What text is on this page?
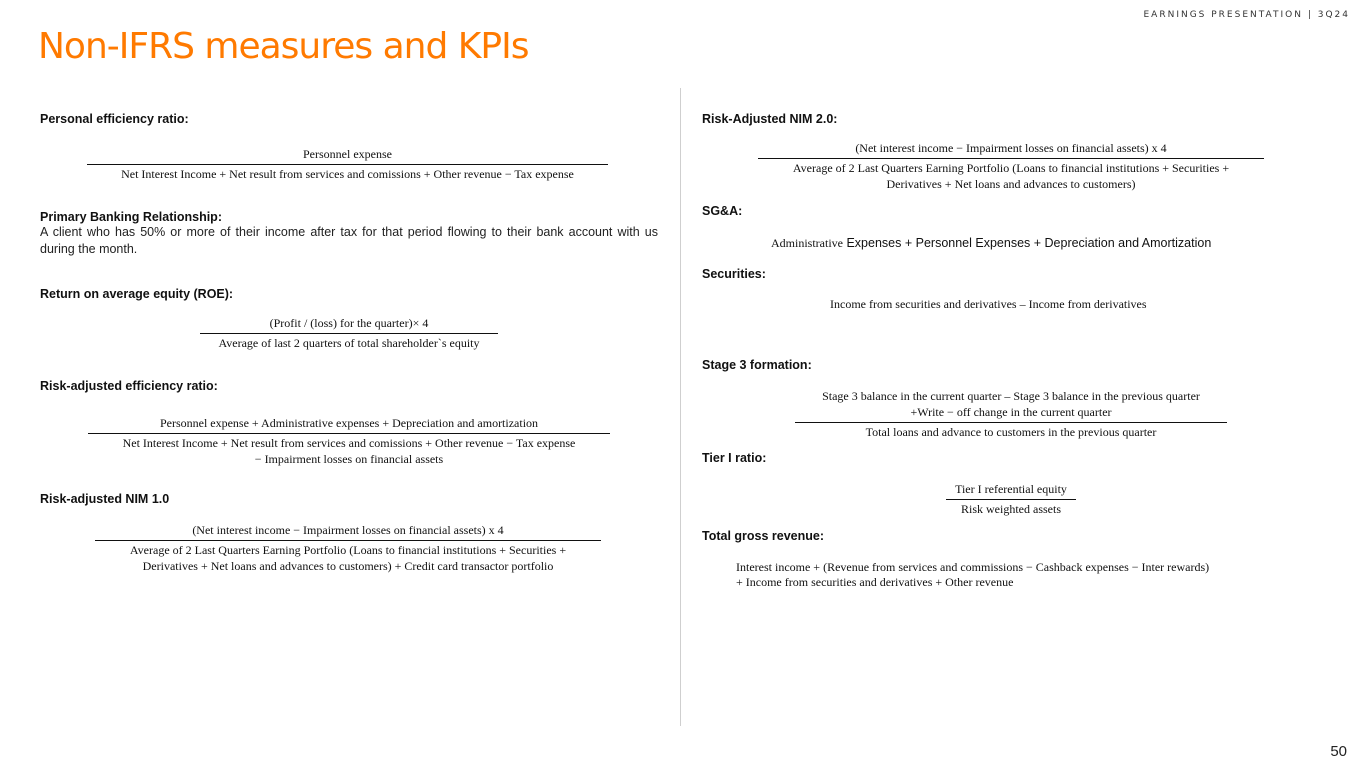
EARNINGS PRESENTATION | 3Q24
Non-IFRS measures and KPIs
Personal efficiency ratio:
Personnel expense
Net Interest Income + Net result from services and comissions + Other revenue − Tax expense
Primary Banking Relationship:
A client who has 50% or more of their income after tax for that period flowing to their bank account with us during the month.
Return on average equity (ROE):
(Profit / (loss) for the quarter)× 4
Average of last 2 quarters of total shareholder`s equity
Risk-adjusted efficiency ratio:
Personnel expense + Administrative expenses + Depreciation and amortization
Net Interest Income + Net result from services and comissions + Other revenue − Tax expense
− Impairment losses on financial assets
Risk-adjusted NIM 1.0
(Net interest income − Impairment losses on financial assets) x 4
Average of 2 Last Quarters Earning Portfolio (Loans to financial institutions + Securities +
Derivatives + Net loans and advances to customers) + Credit card transactor portfolio
Risk-Adjusted NIM 2.0:
(Net interest income − Impairment losses on financial assets) x 4
Average of 2 Last Quarters Earning Portfolio (Loans to financial institutions + Securities +
Derivatives + Net loans and advances to customers)
SG&A:
Administrative Expenses + Personnel Expenses + Depreciation and Amortization
Securities:
Income from securities and derivatives – Income from derivatives
Stage 3 formation:
Stage 3 balance in the current quarter – Stage 3 balance in the previous quarter
+Write − off change in the current quarter
Total loans and advance to customers in the previous quarter
Tier I ratio:
Tier I referential equity
Risk weighted assets
Total gross revenue:
Interest income + (Revenue from services and commissions − Cashback expenses − Inter rewards)
+ Income from securities and derivatives + Other revenue
50
